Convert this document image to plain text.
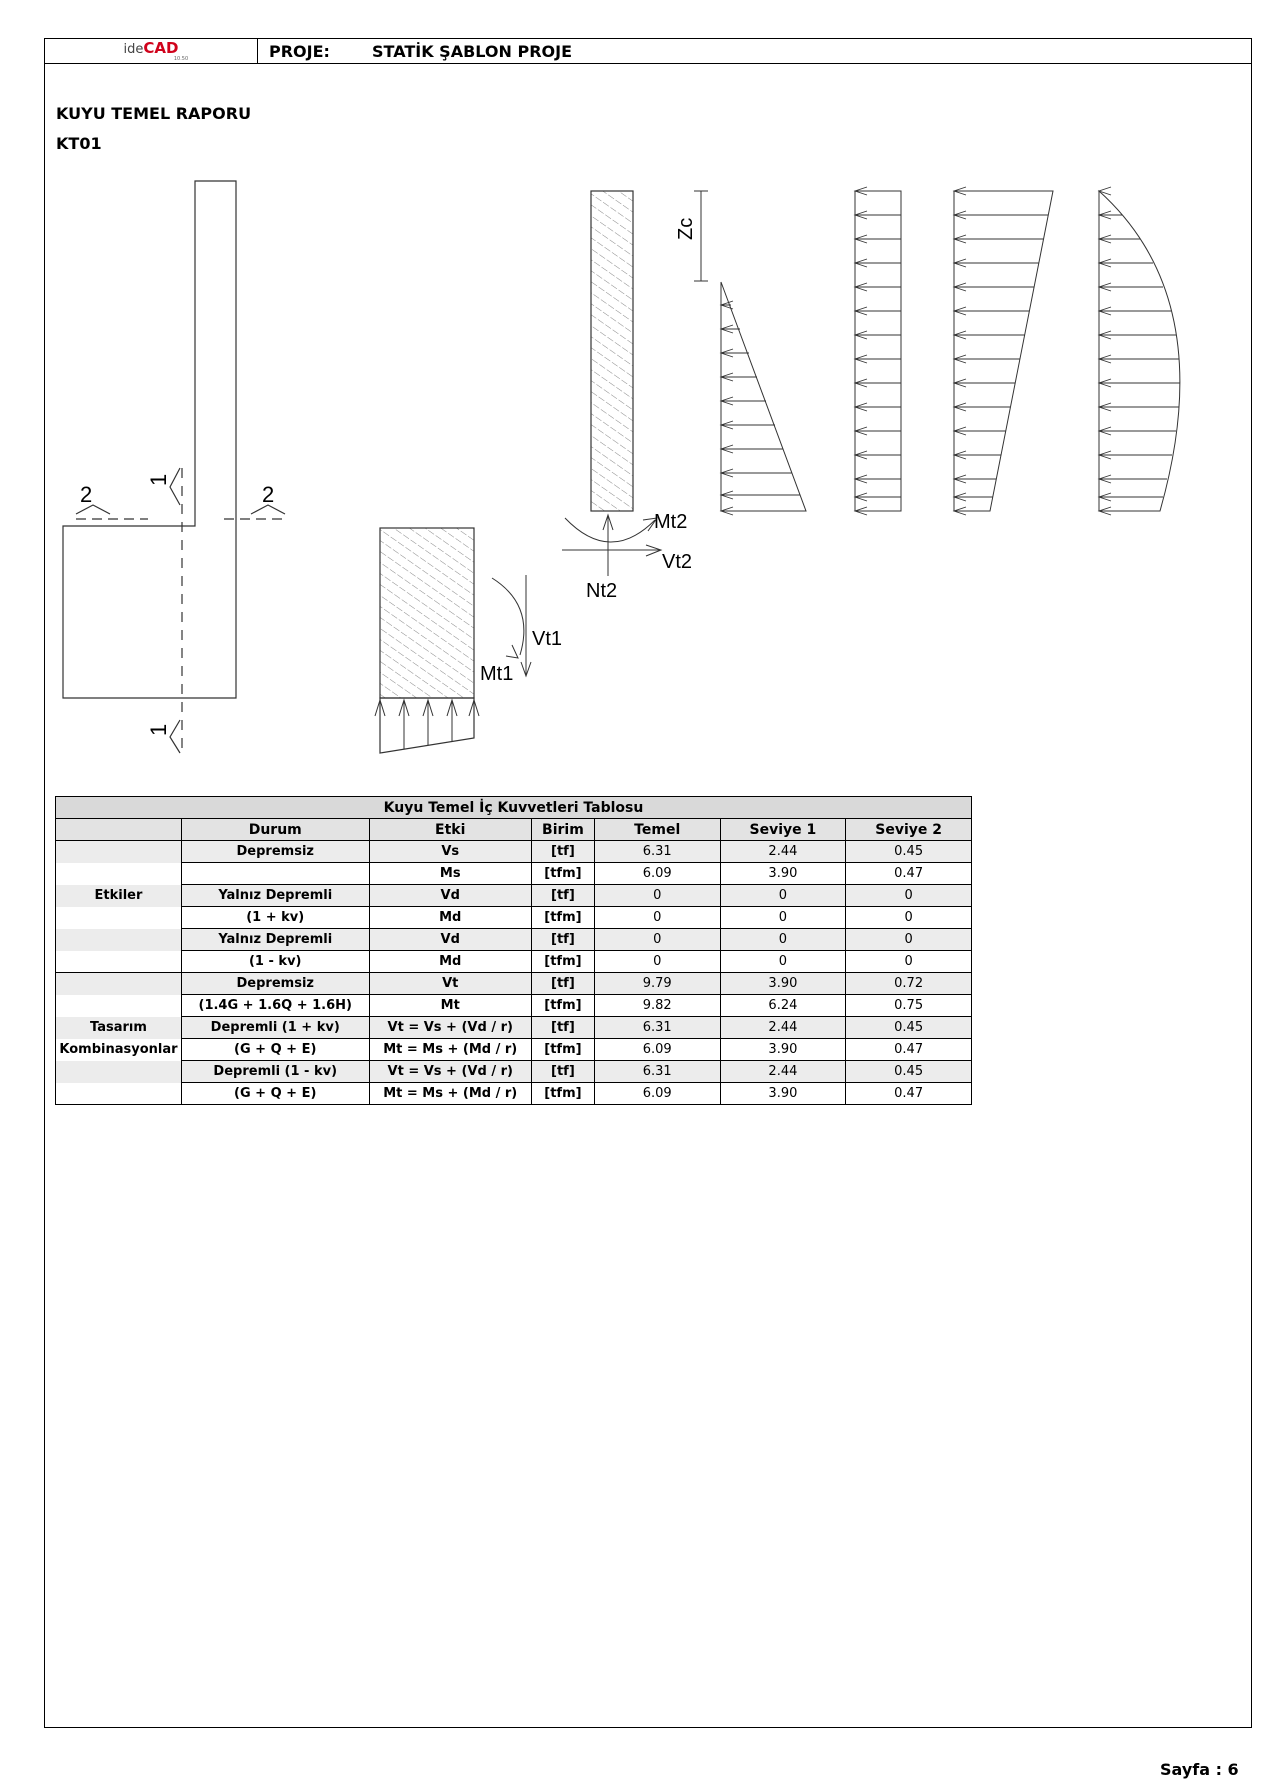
ideCAD
10.50	PROJE:	STATİK ŞABLON PROJE
KUYU TEMEL RAPORU
KT01
1
1
2	2
Vt1
Mt1
Mt2
Vt2
Nt2
Zc
Kuyu Temel İç Kuvvetleri Tablosu						
	Durum	Etki	Birim	Temel	Seviye 1	Seviye 2
	Depremsiz	Vs	[tf]	6.31	2.44	0.45
		Ms	[tfm]	6.09	3.90	0.47
Etkiler	Yalnız Depremli	Vd	[tf]	0	0	0
	(1 + kv)	Md	[tfm]	0	0	0
	Yalnız Depremli	Vd	[tf]	0	0	0
	(1 - kv)	Md	[tfm]	0	0	0
	Depremsiz	Vt	[tf]	9.79	3.90	0.72
	(1.4G + 1.6Q + 1.6H)	Mt	[tfm]	9.82	6.24	0.75
Tasarım	Depremli (1 + kv)	Vt = Vs + (Vd / r)	[tf]	6.31	2.44	0.45
Kombinasyonlar	(G + Q + E)	Mt = Ms + (Md / r)	[tfm]	6.09	3.90	0.47
	Depremli (1 - kv)	Vt = Vs + (Vd / r)	[tf]	6.31	2.44	0.45
	(G + Q + E)	Mt = Ms + (Md / r)	[tfm]	6.09	3.90	0.47
Sayfa : 6
